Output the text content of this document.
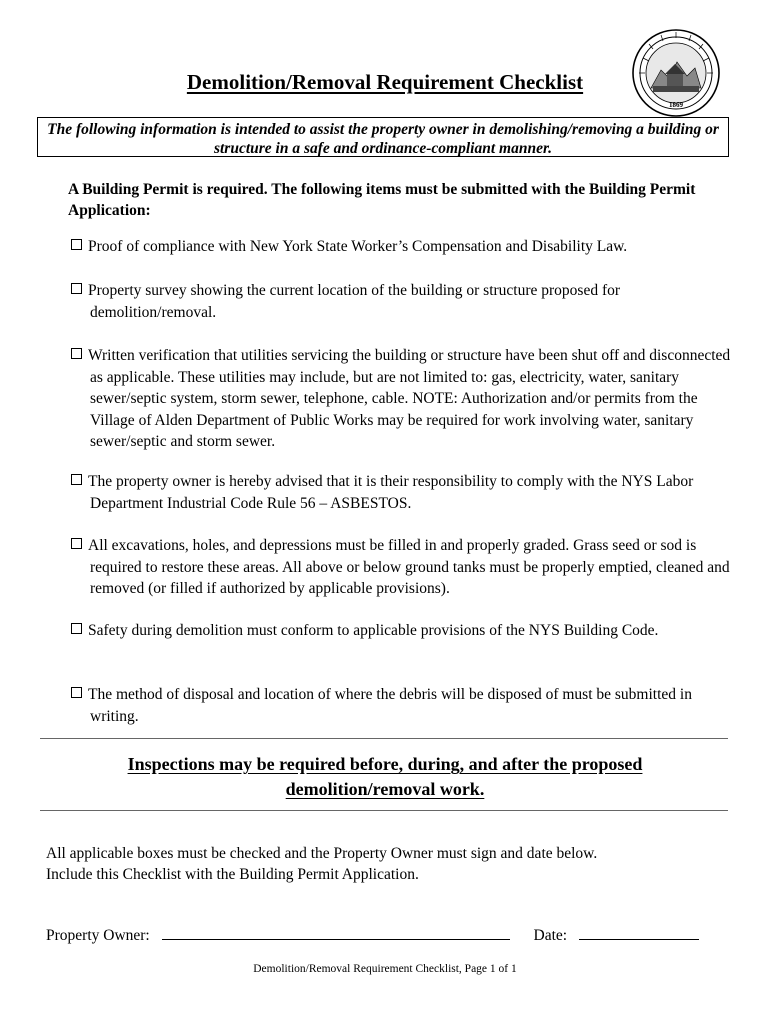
1869
Demolition/Removal Requirement Checklist
The following information is intended to assist the property owner in demolishing/removing a building or structure in a safe and ordinance-compliant manner.
A Building Permit is required. The following items must be submitted with the Building Permit Application:
Proof of compliance with New York State Worker’s Compensation and Disability Law.
Property survey showing the current location of the building or structure proposed for demolition/removal.
Written verification that utilities servicing the building or structure have been shut off and disconnected as applicable. These utilities may include, but are not limited to: gas, electricity, water, sanitary sewer/septic system, storm sewer, telephone, cable. NOTE: Authorization and/or permits from the Village of Alden Department of Public Works may be required for work involving water, sanitary sewer/septic and storm sewer.
The property owner is hereby advised that it is their responsibility to comply with the NYS Labor Department Industrial Code Rule 56 – ASBESTOS.
All excavations, holes, and depressions must be filled in and properly graded. Grass seed or sod is required to restore these areas. All above or below ground tanks must be properly emptied, cleaned and removed (or filled if authorized by applicable provisions).
Safety during demolition must conform to applicable provisions of the NYS Building Code.
The method of disposal and location of where the debris will be disposed of must be submitted in writing.
Inspections may be required before, during, and after the proposed demolition/removal work.
All applicable boxes must be checked and the Property Owner must sign and date below.
Include this Checklist with the Building Permit Application.
Property Owner:	Date:
Demolition/Removal Requirement Checklist, Page 1 of 1
